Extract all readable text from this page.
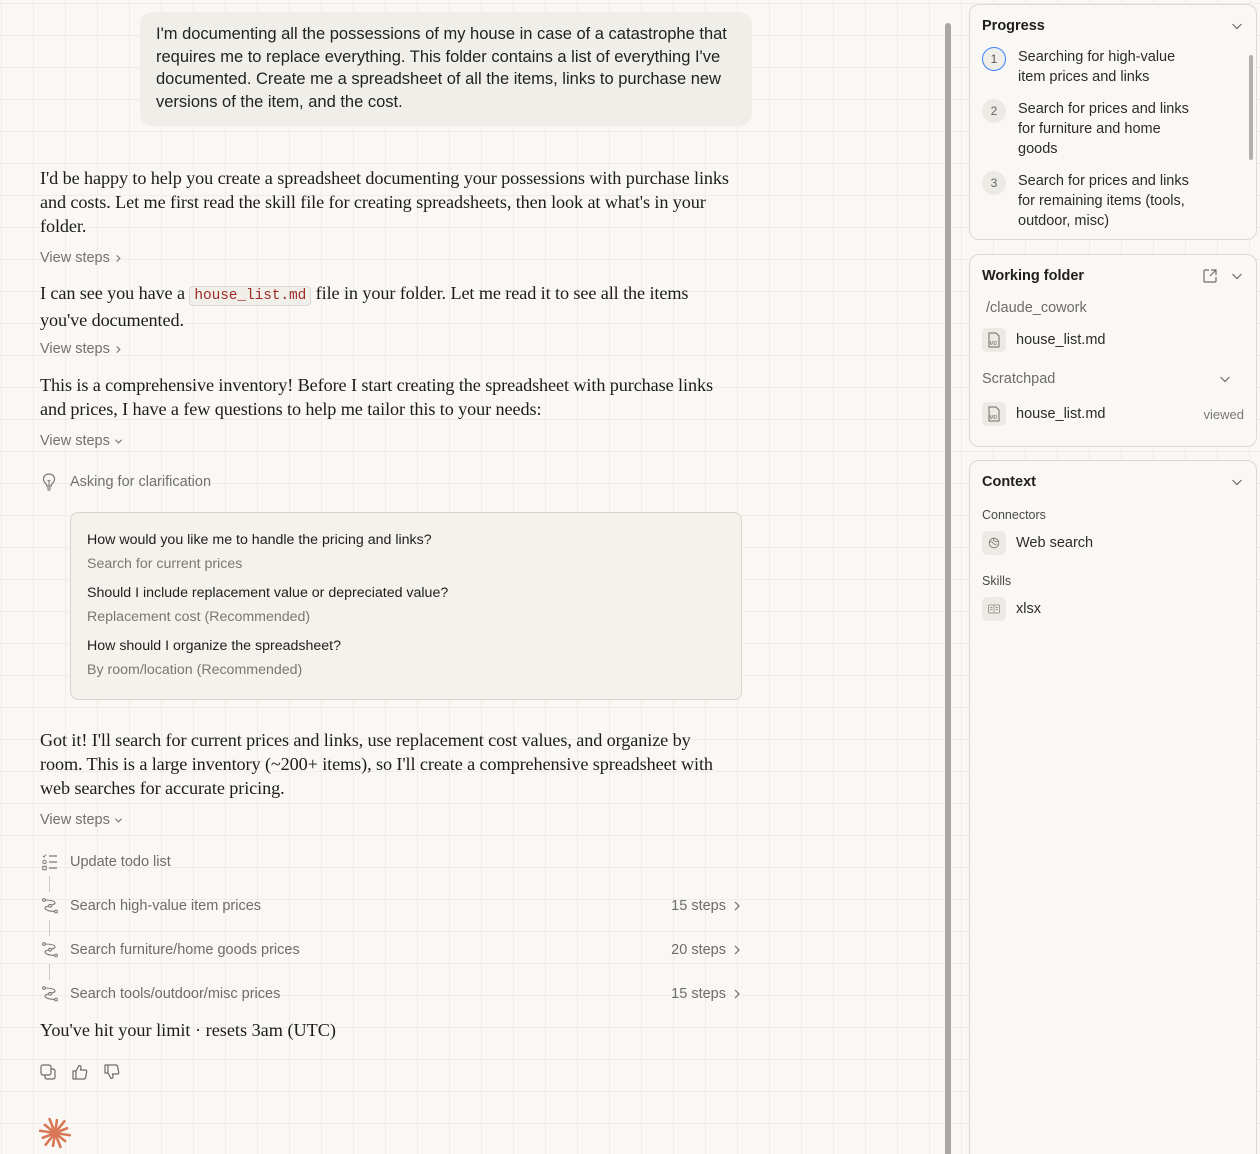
I'm documenting all the possessions of my house in case of a catastrophe that requires me to replace everything. This folder contains a list of everything I've documented. Create me a spreadsheet of all the items, links to purchase new versions of the item, and the cost.
I'd be happy to help you create a spreadsheet documenting your possessions with purchase links and costs. Let me first read the skill file for creating spreadsheets, then look at what's in your folder.
View steps
I can see you have a house_list.md file in your folder. Let me read it to see all the items you've documented.
View steps
This is a comprehensive inventory! Before I start creating the spreadsheet with purchase links and prices, I have a few questions to help me tailor this to your needs:
View steps
Asking for clarification
How would you like me to handle the pricing and links?
Search for current prices
Should I include replacement value or depreciated value?
Replacement cost (Recommended)
How should I organize the spreadsheet?
By room/location (Recommended)
Got it! I'll search for current prices and links, use replacement cost values, and organize by room. This is a large inventory (~200+ items), so I'll create a comprehensive spreadsheet with web searches for accurate pricing.
View steps
Update todo list
Search high-value item prices	15 steps
Search furniture/home goods prices	20 steps
Search tools/outdoor/misc prices	15 steps
You've hit your limit · resets 3am (UTC)
Progress
1	Searching for high-value item prices and links
2	Search for prices and links for furniture and home goods
3	Search for prices and links for remaining items (tools, outdoor, misc)
Working folder
/claude_cowork
MD house_list.md
Scratchpad
MD house_list.md	viewed
Context
Connectors
Web search
Skills
xlsx
